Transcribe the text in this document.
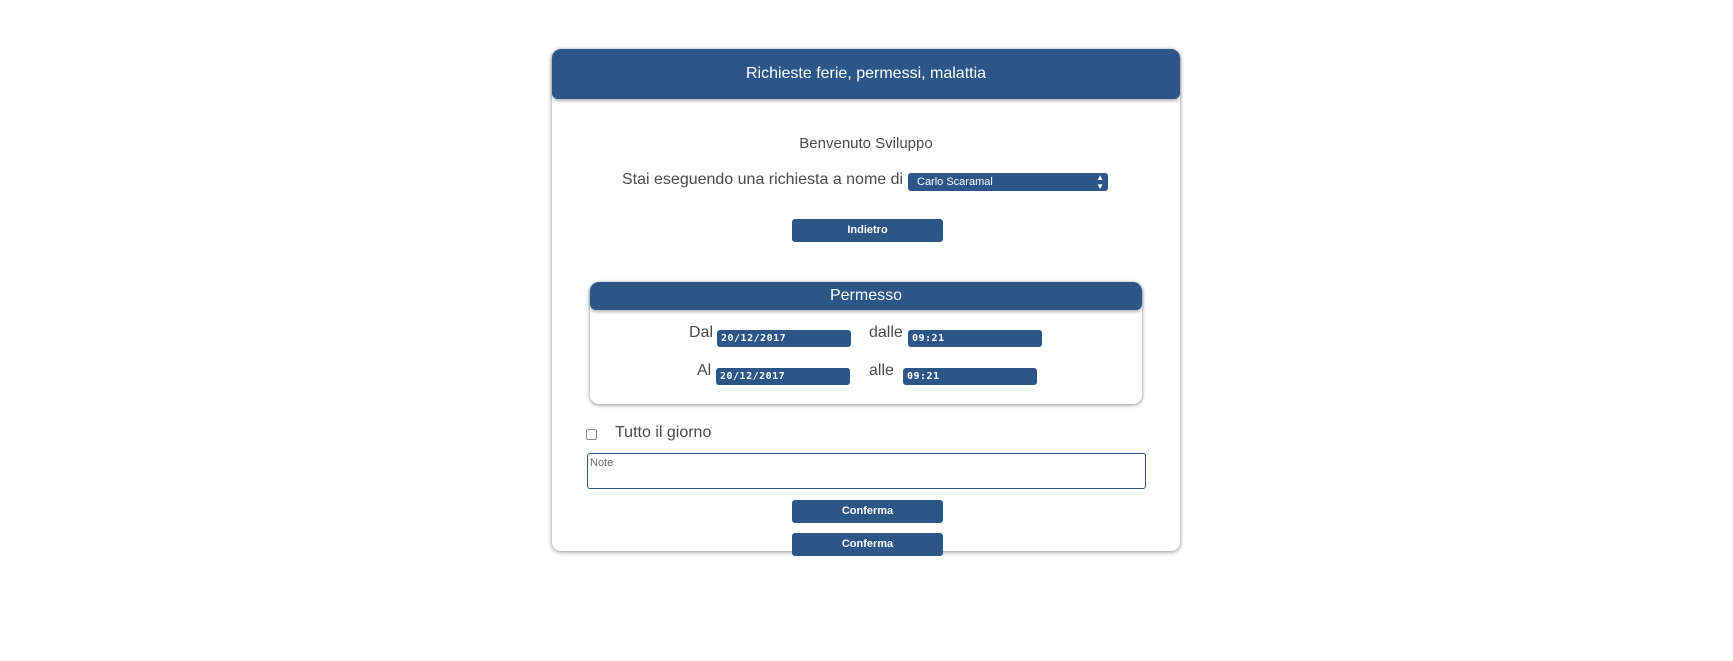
Richieste ferie, permessi, malattia
Benvenuto Sviluppo
Stai eseguendo una richiesta a nome di	Carlo Scaramal	▲
▼
Indietro
Permesso
Dal 20/12/2017	dalle 09:21
Al 20/12/2017	alle	09:21
Tutto il giorno
Note
Conferma
Conferma
